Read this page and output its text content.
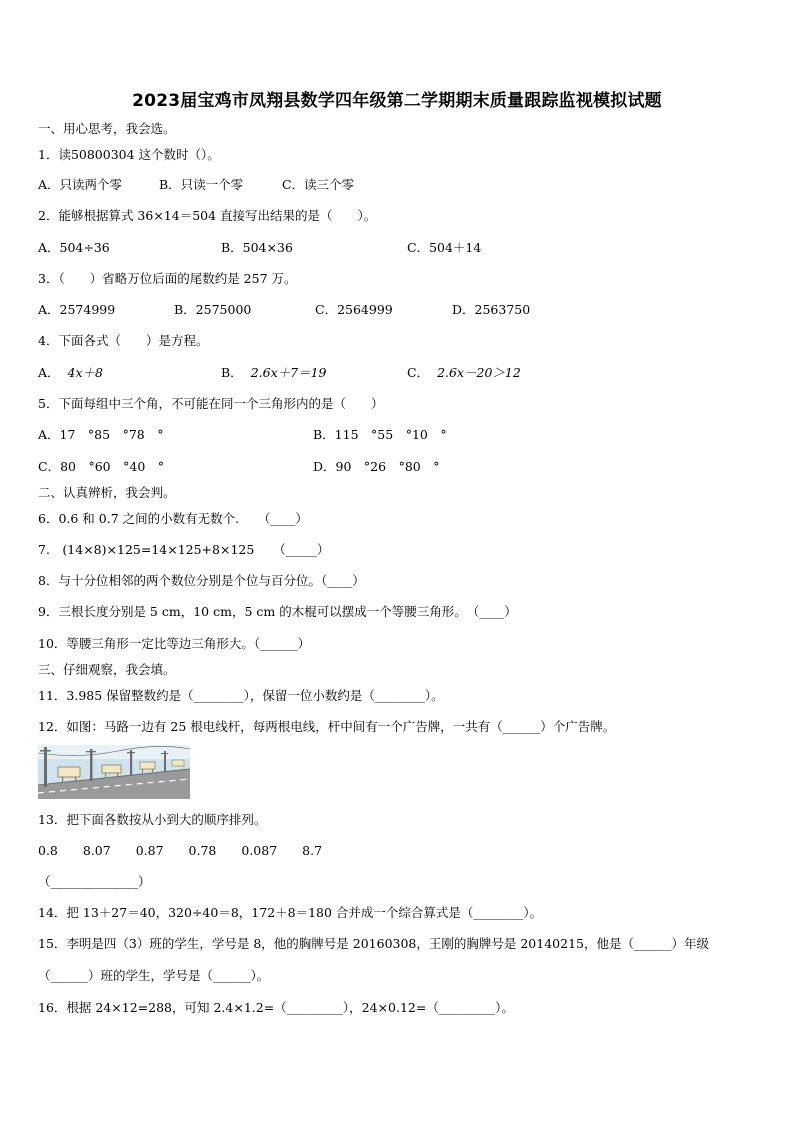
2023届宝鸡市凤翔县数学四年级第二学期期末质量跟踪监视模拟试题
一、用心思考，我会选。
1．读50800304 这个数时（）。
A．只读两个零	B．只读一个零	C．读三个零
2．能够根据算式 36×14＝504 直接写出结果的是（　　）。
A．504÷36	B．504×36	C．504＋14
3．（　　）省略万位后面的尾数约是 257 万。
A．2574999	B．2575000	C．2564999	D．2563750
4．下面各式（　　）是方程。
A． 4x＋8	B． 2.6x＋7＝19	C． 2.6x－20＞12
5．下面每组中三个角，不可能在同一个三角形内的是（　　）
A．17　°85　°78　°	B．115　°55　°10　°
C．80　°60　°40　°	D．90　°26　°80　°
二、认真辨析，我会判。
6．0.6 和 0.7 之间的小数有无数个.　　（____）
7.　(14×8)×125=14×125+8×125　　（_____）
8．与十分位相邻的两个数位分别是个位与百分位。（____）
9．三根长度分别是 5 cm，10 cm，5 cm 的木棍可以摆成一个等腰三角形。　（____）
10．等腰三角形一定比等边三角形大。（______）
三、仔细观察，我会填。
11．3.985 保留整数约是（________），保留一位小数约是（________）。
12．如图：马路一边有 25 根电线杆，每两根电线，杆中间有一个广告牌，一共有（______）个广告牌。
13．把下面各数按从小到大的顺序排列。
0.8　　8.07　　0.87　　0.78　　0.087　　8.7
（______________）
14．把 13＋27＝40，320÷40＝8，172＋8＝180 合并成一个综合算式是（________）。
15．李明是四（3）班的学生，学号是 8，他的胸牌号是 20160308，王刚的胸牌号是 20140215，他是（______）年级
（______）班的学生，学号是（______）。
16．根据 24×12=288，可知 2.4×1.2=（_________），24×0.12=（_________）。
